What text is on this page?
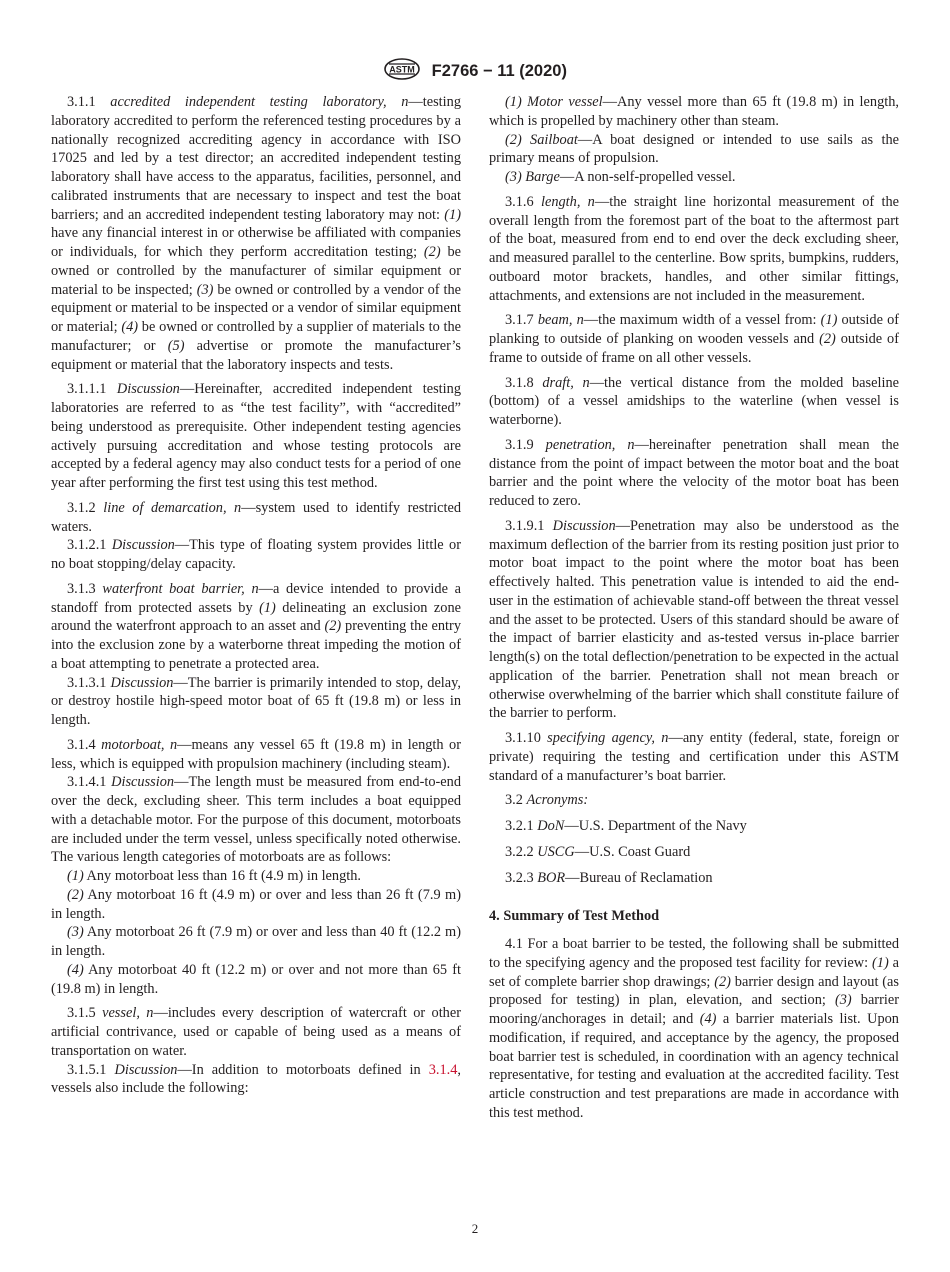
ASTM F2766 − 11 (2020)

3.1.1 accredited independent testing laboratory, n—testing laboratory accredited to perform the referenced testing procedures by a nationally recognized accrediting agency in accordance with ISO 17025 and led by a test director; an accredited independent testing laboratory shall have access to the apparatus, facilities, personnel, and calibrated instruments that are necessary to inspect and test the boat barriers; and an accredited independent testing laboratory may not: (1) have any financial interest in or otherwise be affiliated with companies or individuals, for which they perform accreditation testing; (2) be owned or controlled by the manufacturer of similar equipment or material to be inspected; (3) be owned or controlled by a vendor of the equipment or material to be inspected or a vendor of similar equipment or material; (4) be owned or controlled by a supplier of materials to the manufacturer; or (5) advertise or promote the manufacturer’s equipment or material that the laboratory inspects and tests.

3.1.1.1 Discussion—Hereinafter, accredited independent testing laboratories are referred to as “the test facility”, with “accredited” being understood as prerequisite. Other independent testing agencies actively pursuing accreditation and whose testing protocols are accepted by a federal agency may also conduct tests for a period of one year after performing the first test using this test method.

3.1.2 line of demarcation, n—system used to identify restricted waters.

3.1.2.1 Discussion—This type of floating system provides little or no boat stopping/delay capacity.

3.1.3 waterfront boat barrier, n—a device intended to provide a standoff from protected assets by (1) delineating an exclusion zone around the waterfront approach to an asset and (2) preventing the entry into the exclusion zone by a waterborne threat impeding the motion of a boat attempting to penetrate a protected area.

3.1.3.1 Discussion—The barrier is primarily intended to stop, delay, or destroy hostile high-speed motor boat of 65 ft (19.8 m) or less in length.

3.1.4 motorboat, n—means any vessel 65 ft (19.8 m) in length or less, which is equipped with propulsion machinery (including steam).

3.1.4.1 Discussion—The length must be measured from end-to-end over the deck, excluding sheer. This term includes a boat equipped with a detachable motor. For the purpose of this document, motorboats are included under the term vessel, unless specifically noted otherwise. The various length categories of motorboats are as follows:

(1) Any motorboat less than 16 ft (4.9 m) in length.

(2) Any motorboat 16 ft (4.9 m) or over and less than 26 ft (7.9 m) in length.

(3) Any motorboat 26 ft (7.9 m) or over and less than 40 ft (12.2 m) in length.

(4) Any motorboat 40 ft (12.2 m) or over and not more than 65 ft (19.8 m) in length.

3.1.5 vessel, n—includes every description of watercraft or other artificial contrivance, used or capable of being used as a means of transportation on water.

3.1.5.1 Discussion—In addition to motorboats defined in 3.1.4, vessels also include the following:

(1) Motor vessel—Any vessel more than 65 ft (19.8 m) in length, which is propelled by machinery other than steam.

(2) Sailboat—A boat designed or intended to use sails as the primary means of propulsion.

(3) Barge—A non-self-propelled vessel.

3.1.6 length, n—the straight line horizontal measurement of the overall length from the foremost part of the boat to the aftermost part of the boat, measured from end to end over the deck excluding sheer, and measured parallel to the centerline. Bow sprits, bumpkins, rudders, outboard motor brackets, handles, and other similar fittings, attachments, and extensions are not included in the measurement.

3.1.7 beam, n—the maximum width of a vessel from: (1) outside of planking to outside of planking on wooden vessels and (2) outside of frame to outside of frame on all other vessels.

3.1.8 draft, n—the vertical distance from the molded baseline (bottom) of a vessel amidships to the waterline (when vessel is waterborne).

3.1.9 penetration, n—hereinafter penetration shall mean the distance from the point of impact between the motor boat and the boat barrier and the point where the velocity of the motor boat has been reduced to zero.

3.1.9.1 Discussion—Penetration may also be understood as the maximum deflection of the barrier from its resting position just prior to motor boat impact to the point where the motor boat has been effectively halted. This penetration value is intended to aid the end-user in the estimation of achievable stand-off between the threat vessel and the asset to be protected. Users of this standard should be aware of the impact of barrier elasticity and as-tested versus in-place barrier length(s) on the total deflection/penetration to be expected in the actual application of the barrier. Penetration shall not mean breach or otherwise overwhelming of the barrier which shall constitute failure of the barrier to perform.

3.1.10 specifying agency, n—any entity (federal, state, foreign or private) requiring the testing and certification under this ASTM standard of a manufacturer’s boat barrier.

3.2 Acronyms:

3.2.1 DoN—U.S. Department of the Navy

3.2.2 USCG—U.S. Coast Guard

3.2.3 BOR—Bureau of Reclamation

4. Summary of Test Method

4.1 For a boat barrier to be tested, the following shall be submitted to the specifying agency and the proposed test facility for review: (1) a set of complete barrier shop drawings; (2) barrier design and layout (as proposed for testing) in plan, elevation, and section; (3) barrier mooring/anchorages in detail; and (4) a barrier materials list. Upon modification, if required, and acceptance by the agency, the proposed boat barrier test is scheduled, in coordination with an agency technical representative, for testing and evaluation at the accredited facility. Test article construction and test preparations are made in accordance with this test method.

2
